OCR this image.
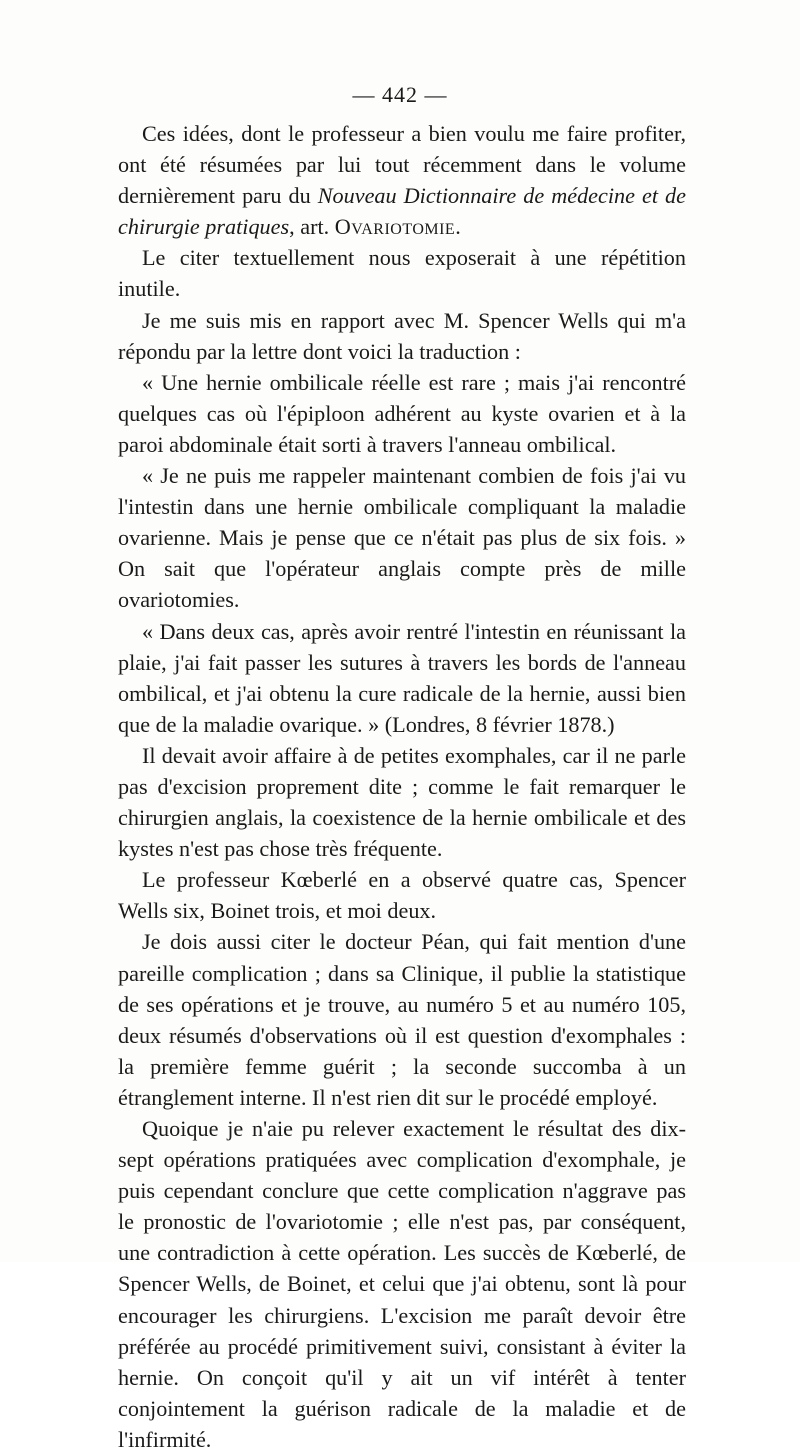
— 442 —

Ces idées, dont le professeur a bien voulu me faire profiter, ont été résumées par lui tout récemment dans le volume dernièrement paru du Nouveau Dictionnaire de médecine et de chirurgie pratiques, art. Ovariotomie.

Le citer textuellement nous exposerait à une répétition inutile.

Je me suis mis en rapport avec M. Spencer Wells qui m'a répondu par la lettre dont voici la traduction :

« Une hernie ombilicale réelle est rare ; mais j'ai rencontré quelques cas où l'épiploon adhérent au kyste ovarien et à la paroi abdominale était sorti à travers l'anneau ombilical.

« Je ne puis me rappeler maintenant combien de fois j'ai vu l'intestin dans une hernie ombilicale compliquant la maladie ovarienne. Mais je pense que ce n'était pas plus de six fois. » On sait que l'opérateur anglais compte près de mille ovariotomies.

« Dans deux cas, après avoir rentré l'intestin en réunissant la plaie, j'ai fait passer les sutures à travers les bords de l'anneau ombilical, et j'ai obtenu la cure radicale de la hernie, aussi bien que de la maladie ovarique. » (Londres, 8 février 1878.)

Il devait avoir affaire à de petites exomphales, car il ne parle pas d'excision proprement dite ; comme le fait remarquer le chirurgien anglais, la coexistence de la hernie ombilicale et des kystes n'est pas chose très fréquente.

Le professeur Kœberlé en a observé quatre cas, Spencer Wells six, Boinet trois, et moi deux.

Je dois aussi citer le docteur Péan, qui fait mention d'une pareille complication ; dans sa Clinique, il publie la statistique de ses opérations et je trouve, au numéro 5 et au numéro 105, deux résumés d'observations où il est question d'exomphales : la première femme guérit ; la seconde succomba à un étranglement interne. Il n'est rien dit sur le procédé employé.

Quoique je n'aie pu relever exactement le résultat des dix-sept opérations pratiquées avec complication d'exomphale, je puis cependant conclure que cette complication n'aggrave pas le pronostic de l'ovariotomie ; elle n'est pas, par conséquent, une contradiction à cette opération. Les succès de Kœberlé, de Spencer Wells, de Boinet, et celui que j'ai obtenu, sont là pour encourager les chirurgiens. L'excision me paraît devoir être préférée au procédé primitivement suivi, consistant à éviter la hernie. On conçoit qu'il y ait un vif intérêt à tenter conjointement la guérison radicale de la maladie et de l'infirmité.
